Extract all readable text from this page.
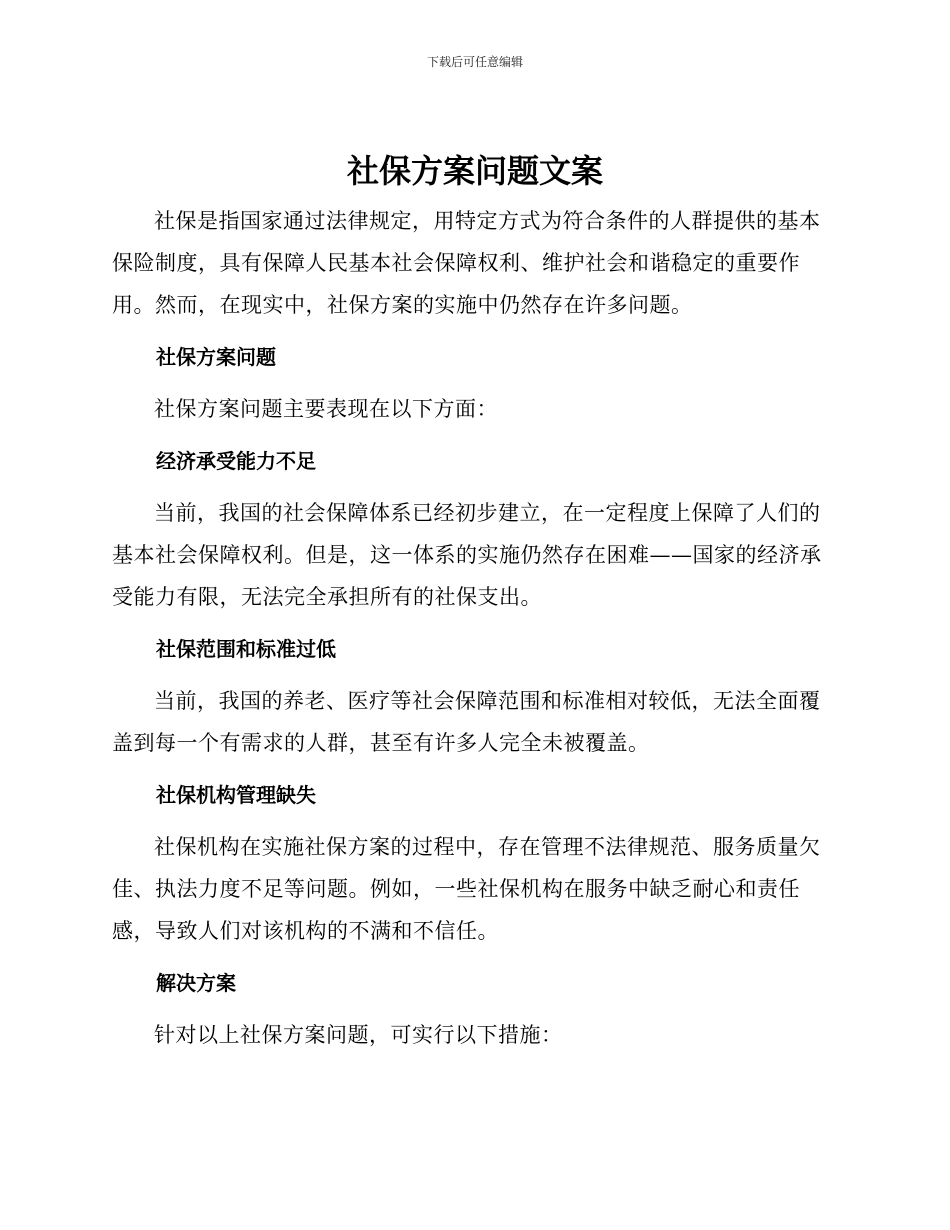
下载后可任意编辑
社保方案问题文案

社保是指国家通过法律规定，用特定方式为符合条件的人群提供的基本保险制度，具有保障人民基本社会保障权利、维护社会和谐稳定的重要作用。然而，在现实中，社保方案的实施中仍然存在许多问题。

社保方案问题

社保方案问题主要表现在以下方面：

经济承受能力不足

当前，我国的社会保障体系已经初步建立，在一定程度上保障了人们的基本社会保障权利。但是，这一体系的实施仍然存在困难——国家的经济承受能力有限，无法完全承担所有的社保支出。

社保范围和标准过低

当前，我国的养老、医疗等社会保障范围和标准相对较低，无法全面覆盖到每一个有需求的人群，甚至有许多人完全未被覆盖。

社保机构管理缺失

社保机构在实施社保方案的过程中，存在管理不法律规范、服务质量欠佳、执法力度不足等问题。例如，一些社保机构在服务中缺乏耐心和责任感，导致人们对该机构的不满和不信任。

解决方案

针对以上社保方案问题，可实行以下措施：
